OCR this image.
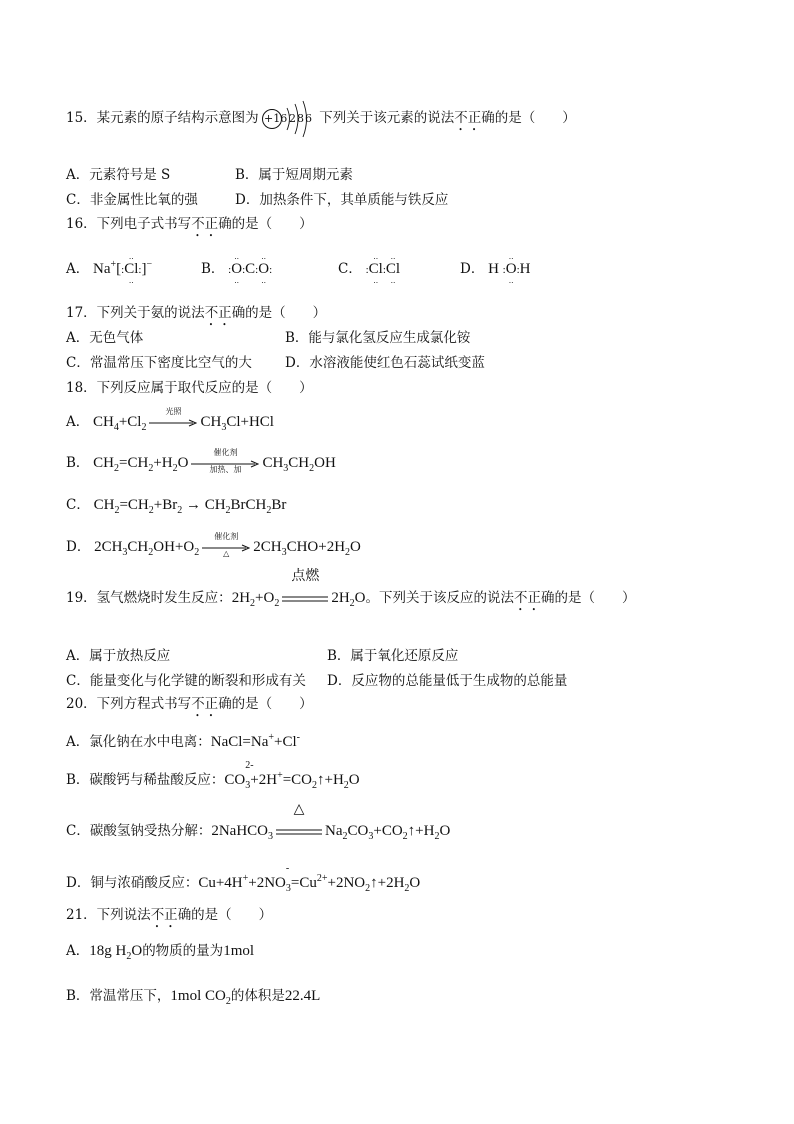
15．某元素的原子结构示意图为 +16 2 8 6 下列关于该元素的说法不正确的是（　　）
A．元素符号是 S	B．属于短周期元素
C．非金属性比氧的强	D．加热条件下，其单质能与铁反应
16．下列电子式书写不正确的是（　　）
A． Na+[:• • Cl • •:]−	B． :• • O • •:C:• • O • •:	C． :• • Cl • •:• • Cl • •	D． H :• • O • •:H
17．下列关于氨的说法不正确的是（　　）
A．无色气体	B．能与氯化氢反应生成氯化铵
C．常温常压下密度比空气的大 D．水溶液能使红色石蕊试纸变蓝
18．下列反应属于取代反应的是（　　）
A． $CH_4+Cl_2$
光照
$CH_3Cl+HCl$
B． $CH_2=CH_2+H_2O$
催化剂
加热、加	$CH_3CH_2OH$
C． $CH_2=CH_2+Br_2$ → $CH_2BrCH_2Br$
D． $2CH_3CH_2OH+O_2$
催化剂
△	$2CH_3CHO+2H_2O$
19．氢气燃烧时发生反应：$2H_2+O_2$
点燃
$2H_2O$。下列关于该反应的说法不正确的是（　　）
A．属于放热反应	B．属于氧化还原反应
C．能量变化与化学键的断裂和形成有关 D．反应物的总能量低于生成物的总能量
20．下列方程式书写不正确的是（　　）
A．氯化钠在水中电离：NaCl=Na++Cl-
B．碳酸钙与稀盐酸反应：CO
$_{2- 3}+2H^+=CO_2↑+H_2O$
C．碳酸氢钠受热分解：2NaHCO$_3$
△
$Na_2CO_3+CO_2↑+H_2O$
D．铜与浓硝酸反应：Cu+4H++2NO
$_{- 3}=Cu^{2+}+2NO_2↑+2H_2O$
21．下列说法不正确的是（　　）
A．18g $H_2O$的物质的量为1mol
B．常温常压下，1mol $CO_2$的体积是22.4L
